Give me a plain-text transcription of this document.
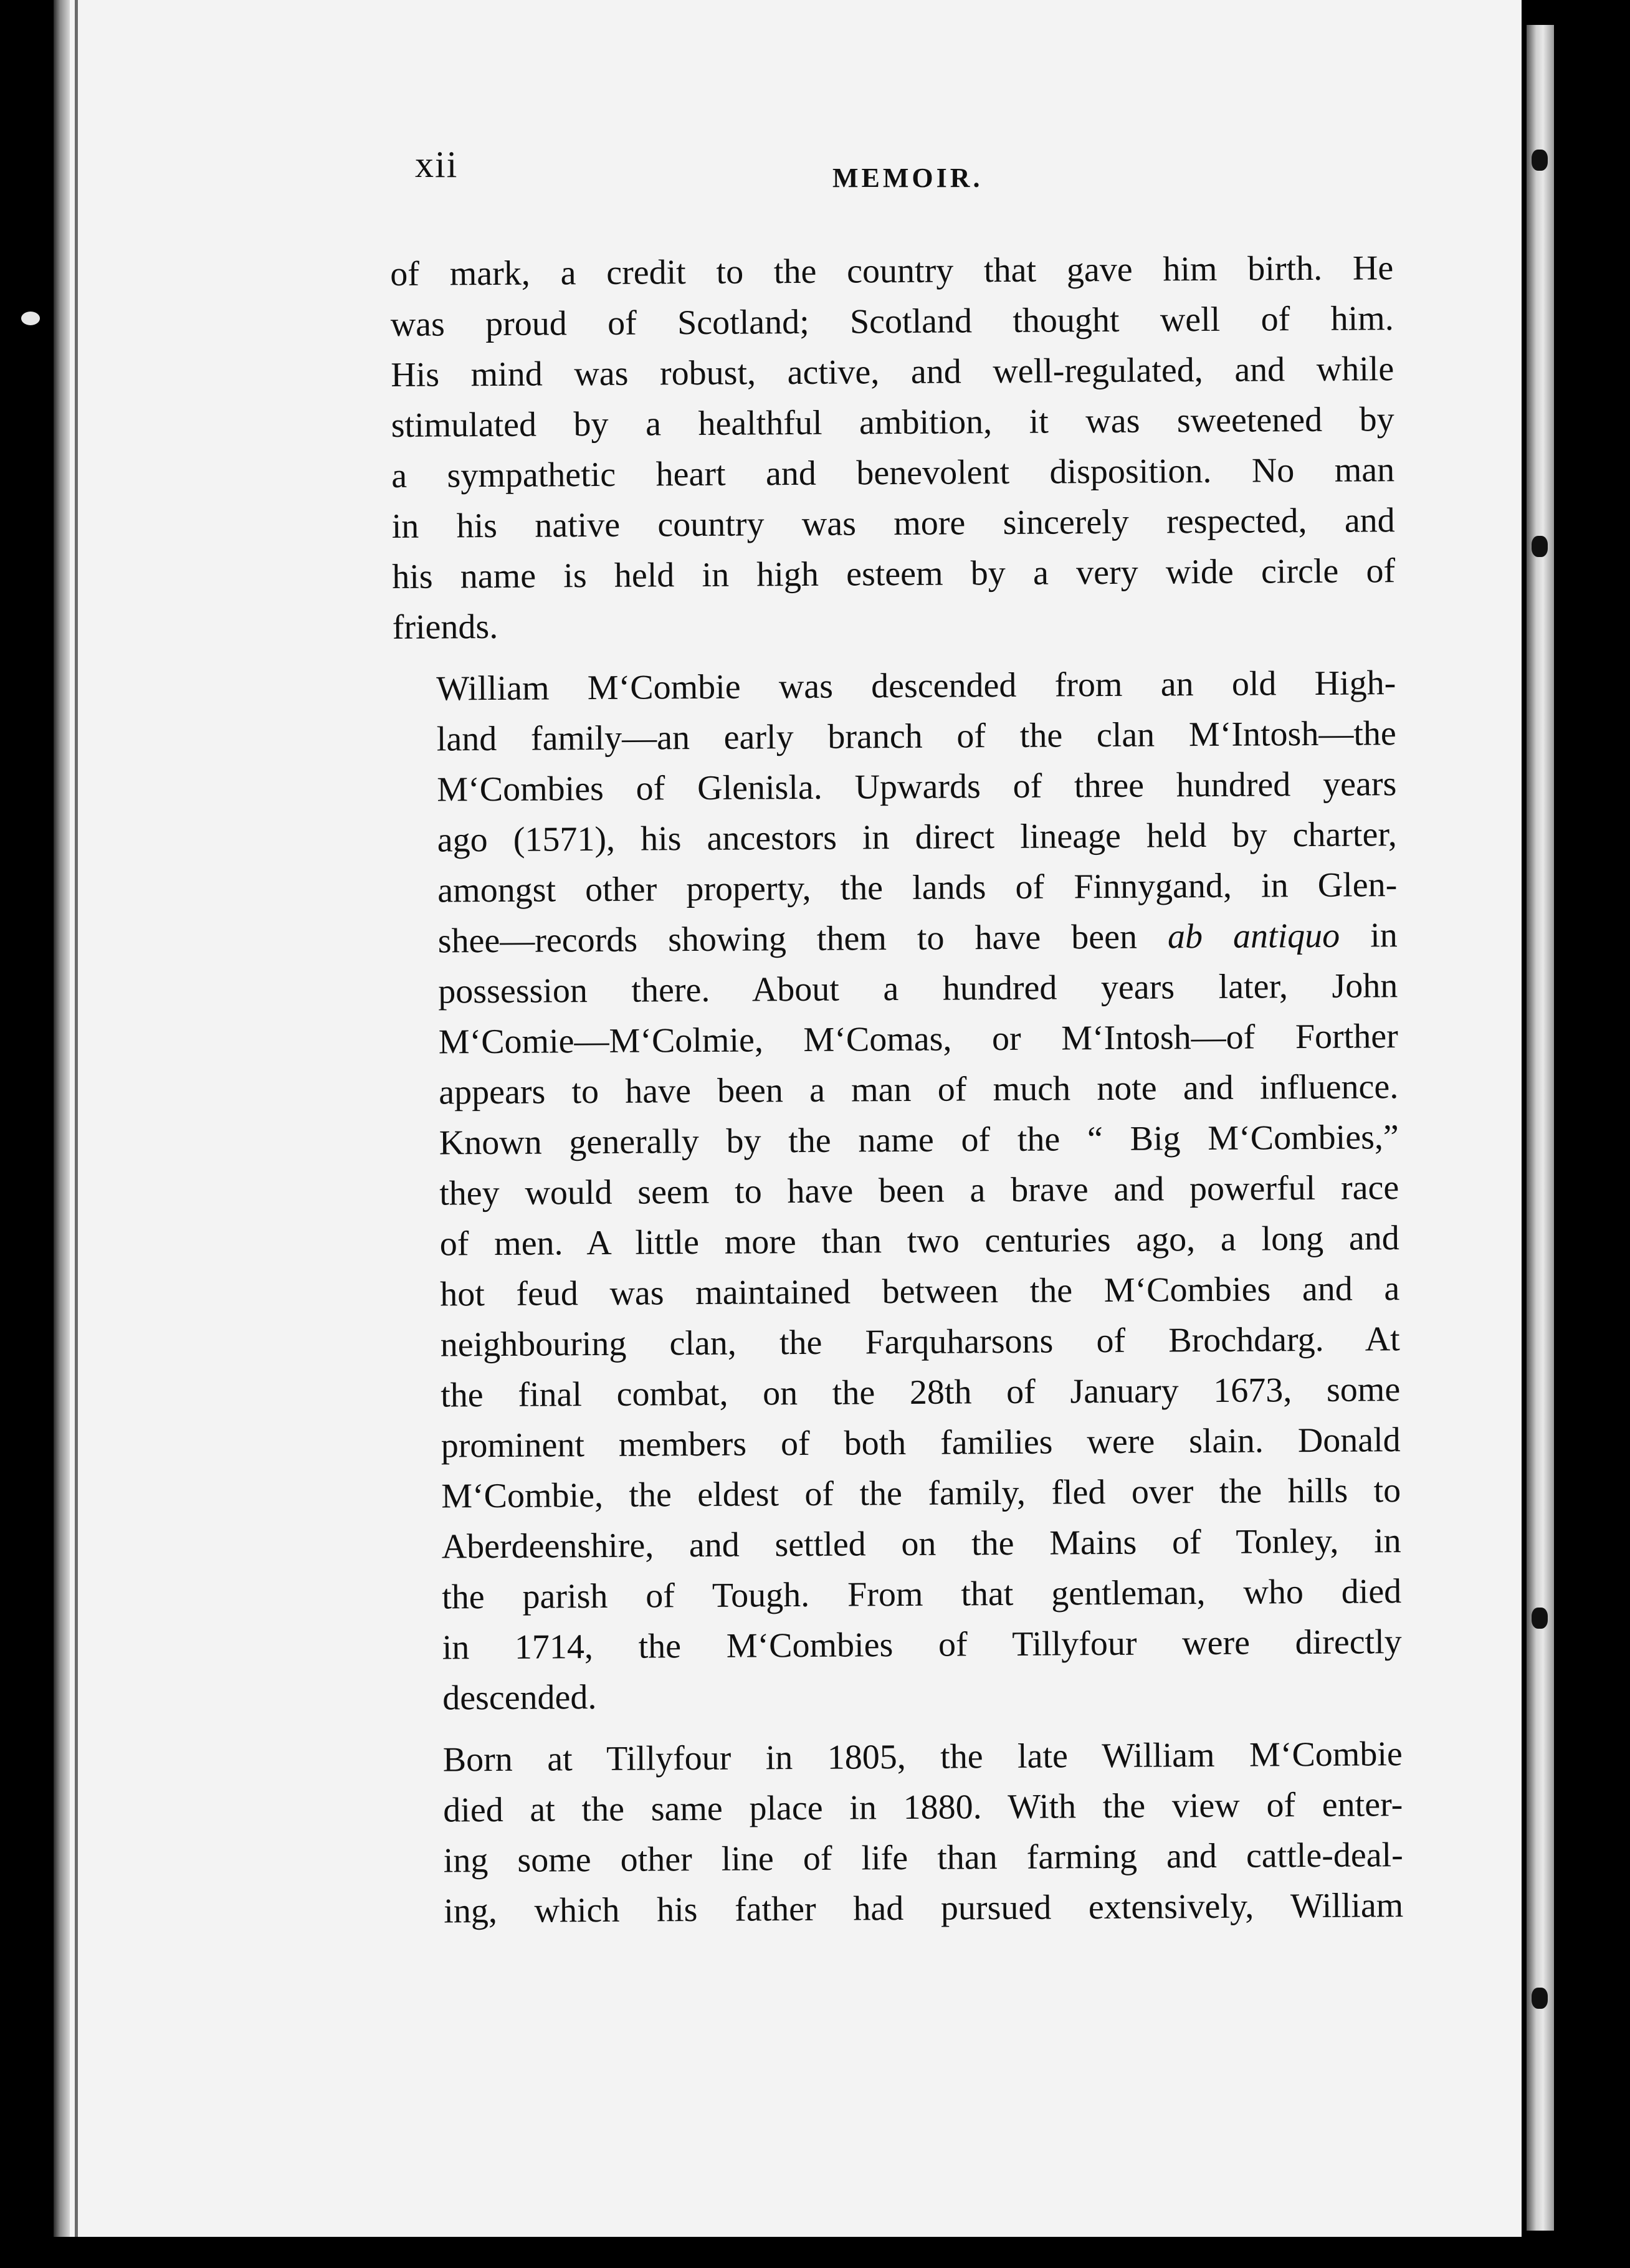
xii	MEMOIR.

of mark, a credit to the country that gave him birth. He
was proud of Scotland; Scotland thought well of him.
His mind was robust, active, and well-regulated, and while
stimulated by a healthful ambition, it was sweetened by
a sympathetic heart and benevolent disposition. No man
in his native country was more sincerely respected, and
his name is held in high esteem by a very wide circle of
friends.

William M‘Combie was descended from an old High-
land family—an early branch of the clan M‘Intosh—the
M‘Combies of Glenisla. Upwards of three hundred years
ago (1571), his ancestors in direct lineage held by charter,
amongst other property, the lands of Finnygand, in Glen-
shee—records showing them to have been ab antiquo in
possession there. About a hundred years later, John
M‘Comie—M‘Colmie, M‘Comas, or M‘Intosh—of Forther
appears to have been a man of much note and influence.
Known generally by the name of the “ Big M‘Combies,”
they would seem to have been a brave and powerful race
of men. A little more than two centuries ago, a long and
hot feud was maintained between the M‘Combies and a
neighbouring clan, the Farquharsons of Brochdarg. At
the final combat, on the 28th of January 1673, some
prominent members of both families were slain. Donald
M‘Combie, the eldest of the family, fled over the hills to
Aberdeenshire, and settled on the Mains of Tonley, in
the parish of Tough. From that gentleman, who died
in 1714, the M‘Combies of Tillyfour were directly
descended.

Born at Tillyfour in 1805, the late William M‘Combie
died at the same place in 1880. With the view of enter-
ing some other line of life than farming and cattle-deal-
ing, which his father had pursued extensively, William
